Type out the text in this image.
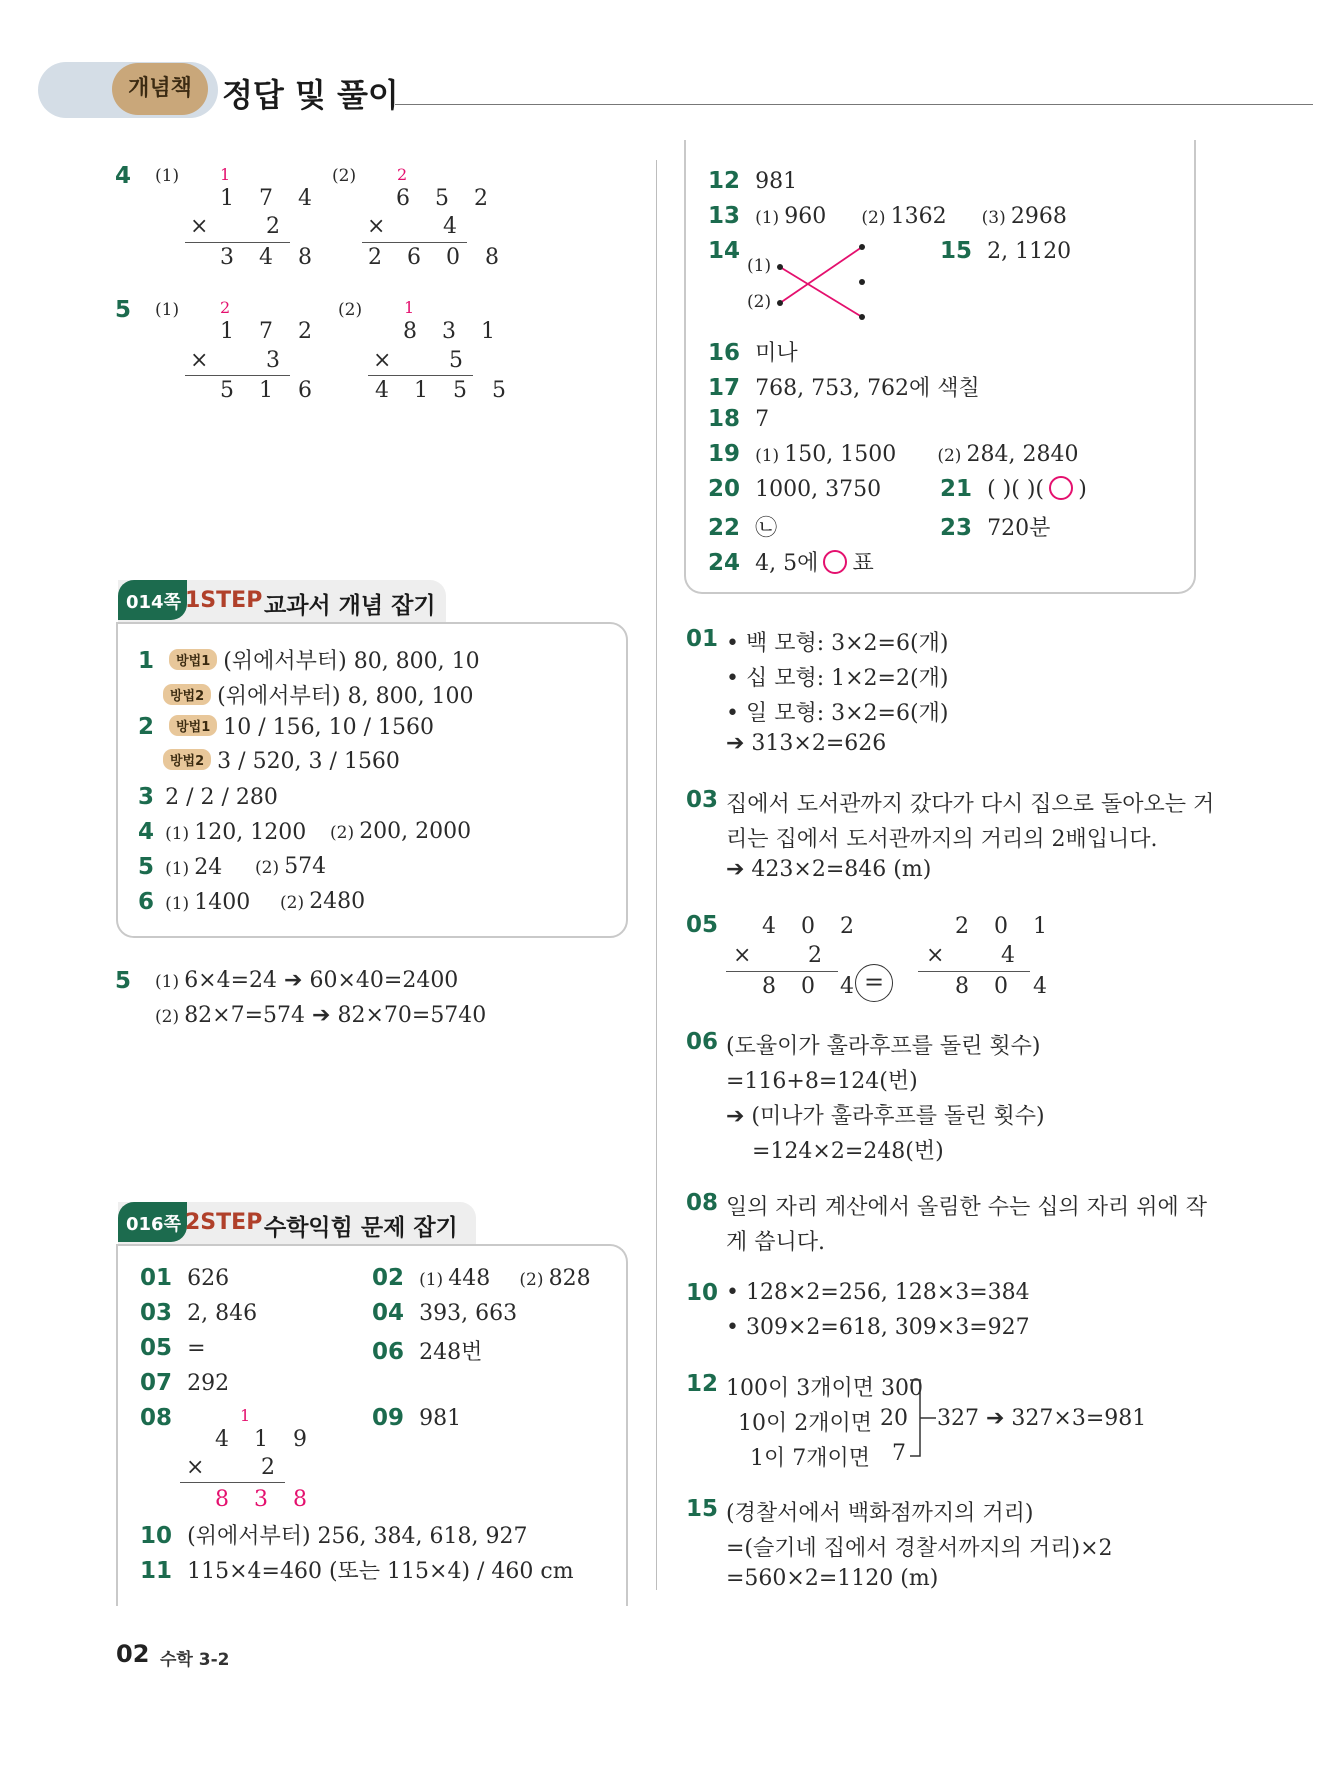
개념책 정답 및 풀이
4 (1)	1
1 7 4
×	2
3 4 8
(2)	2
6 5 2
×	4
2 6 0 8
5 (1)	2
1 7 2
×	3
5 1 6
(2)	1
8 3 1
×	5
4 1 5 5
014쪽 1STEP 교과서 개념 잡기
1 방법1 (위에서부터) 80, 800, 10
방법2 (위에서부터) 8, 800, 100
2 방법1 10 / 156, 10 / 1560
방법2 3 / 520, 3 / 1560
3 2 / 2 / 280
4 (1) 120, 1200 (2) 200, 2000
5 (1) 24 (2) 574
6 (1) 1400 (2) 2480
5 (1) 6×4=24 ➔ 60×40=2400
(2) 82×7=574 ➔ 82×70=5740
016쪽 2STEP 수학익힘 문제 잡기
01 626	02 (1) 448 (2) 828
03 2, 846	04 393, 663
05 =	06 248번
07 292
08	1
4 1 9
×	2
8 3 8
09 981
10 (위에서부터) 256, 384, 618, 927
11 115×4=460 (또는 115×4) / 460 cm
12 981
13 (1) 960 (2) 1362 (3) 2968
14
(1)
(2)
15 2, 1120
16 미나
17 768, 753, 762에 색칠
18 7
19 (1) 150, 1500 (2) 284, 2840
20 1000, 3750	21 ( )( )( )
22 ㉡	23 720분
24 4, 5에 표
01 • 백 모형: 3×2=6(개)
• 십 모형: 1×2=2(개)
• 일 모형: 3×2=6(개)
➔ 313×2=626
03 집에서 도서관까지 갔다가 다시 집으로 돌아오는 거
리는 집에서 도서관까지의 거리의 2배입니다.
➔ 423×2=846 (m)
05 4 0 2
×	2
8 0 4 =
2 0 1
×	4
8 0 4
06 (도율이가 훌라후프를 돌린 횟수)
=116+8=124(번)
➔ (미나가 훌라후프를 돌린 횟수)
=124×2=248(번)
08 일의 자리 계산에서 올림한 수는 십의 자리 위에 작
게 씁니다.
10 • 128×2=256, 128×3=384
• 309×2=618, 309×3=927
12 100이 3개이면 300
10이 2개이면 20
1이 7개이면 7
327 ➔ 327×3=981
15 (경찰서에서 백화점까지의 거리)
=(슬기네 집에서 경찰서까지의 거리)×2
=560×2=1120 (m)
02 수학 3-2
